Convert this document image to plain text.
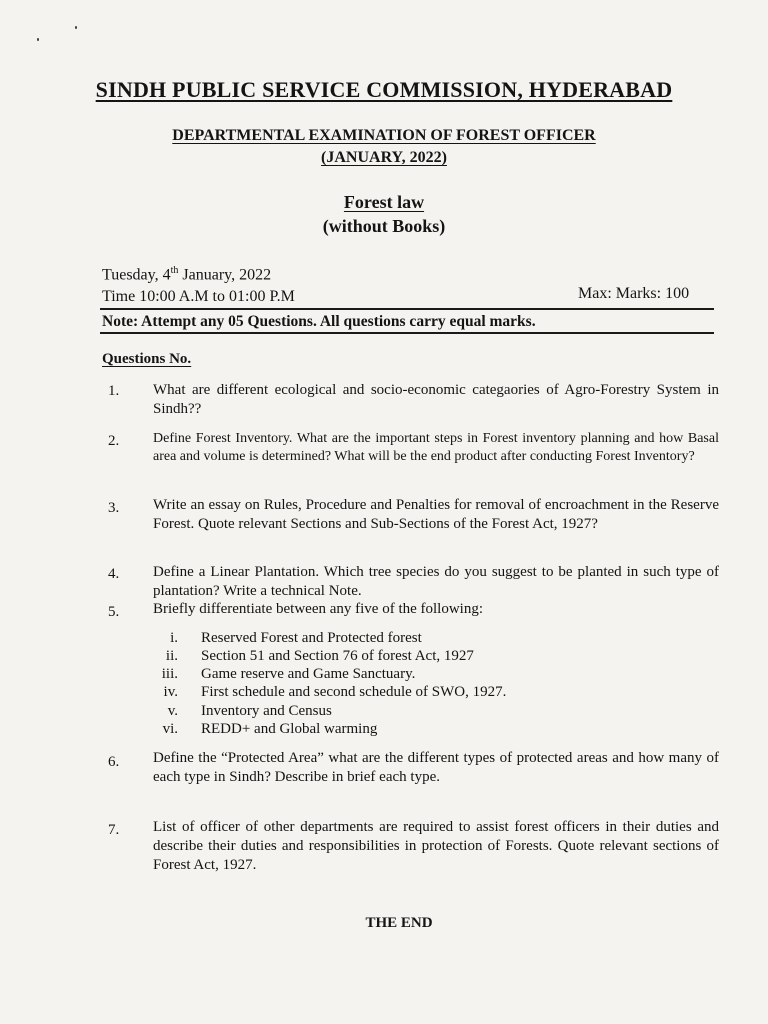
SINDH PUBLIC SERVICE COMMISSION, HYDERABAD
DEPARTMENTAL EXAMINATION OF FOREST OFFICER
(JANUARY, 2022)
Forest law
(without Books)
Tuesday, 4th January, 2022
Time 10:00 A.M to 01:00 P.M	Max: Marks: 100
Note: Attempt any 05 Questions. All questions carry equal marks.
Questions No.
1. What are different ecological and socio-economic categaories of Agro-Forestry System in Sindh??
2. Define Forest Inventory. What are the important steps in Forest inventory planning and how Basal area and volume is determined? What will be the end product after conducting Forest Inventory?
3. Write an essay on Rules, Procedure and Penalties for removal of encroachment in the Reserve Forest. Quote relevant Sections and Sub-Sections of the Forest Act, 1927?
4. Define a Linear Plantation. Which tree species do you suggest to be planted in such type of plantation? Write a technical Note.
5. Briefly differentiate between any five of the following:
i. Reserved Forest and Protected forest
ii. Section 51 and Section 76 of forest Act, 1927
iii. Game reserve and Game Sanctuary.
iv. First schedule and second schedule of SWO, 1927.
v. Inventory and Census
vi. REDD+ and Global warming
6. Define the “Protected Area” what are the different types of protected areas and how many of each type in Sindh? Describe in brief each type.
7. List of officer of other departments are required to assist forest officers in their duties and describe their duties and responsibilities in protection of Forests. Quote relevant sections of Forest Act, 1927.
THE END
